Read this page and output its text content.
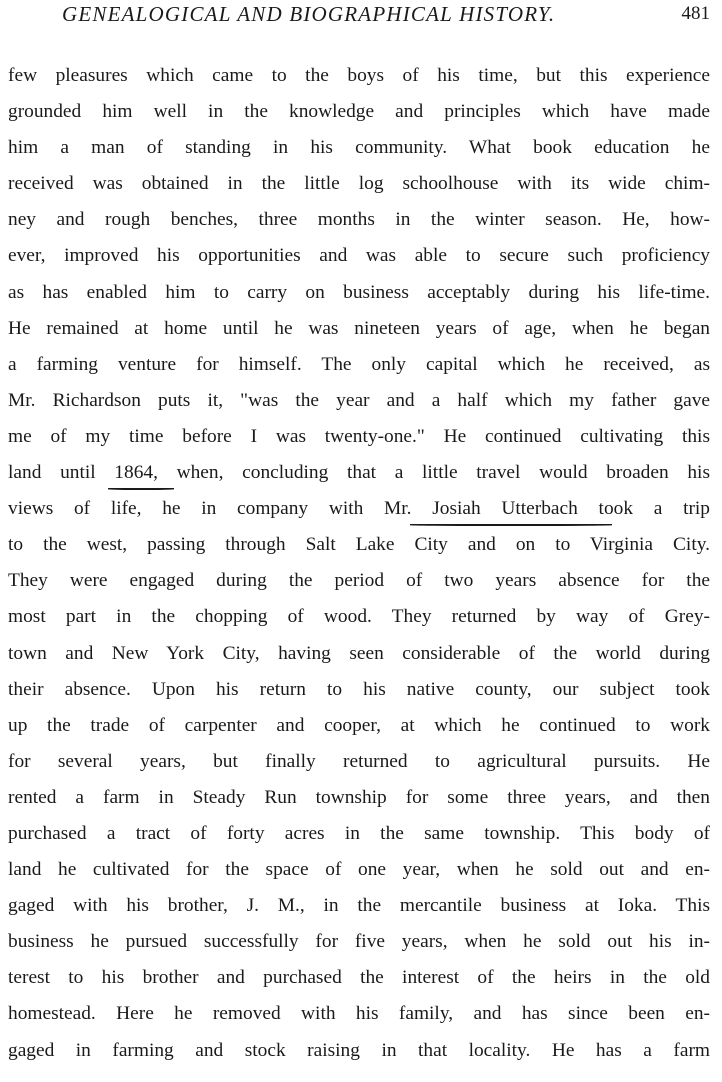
GENEALOGICAL AND BIOGRAPHICAL HISTORY.	481
few pleasures which came to the boys of his time, but this experience
grounded him well in the knowledge and principles which have made
him a man of standing in his community. What book education he
received was obtained in the little log schoolhouse with its wide chim-
ney and rough benches, three months in the winter season. He, how-
ever, improved his opportunities and was able to secure such proficiency
as has enabled him to carry on business acceptably during his life-time.
He remained at home until he was nineteen years of age, when he began
a farming venture for himself. The only capital which he received, as
Mr. Richardson puts it, "was the year and a half which my father gave
me of my time before I was twenty-one." He continued cultivating this
land until 1864, when, concluding that a little travel would broaden his
views of life, he in company with Mr. Josiah Utterbach took a trip
to the west, passing through Salt Lake City and on to Virginia City.
They were engaged during the period of two years absence for the
most part in the chopping of wood. They returned by way of Grey-
town and New York City, having seen considerable of the world during
their absence. Upon his return to his native county, our subject took
up the trade of carpenter and cooper, at which he continued to work
for several years, but finally returned to agricultural pursuits. He
rented a farm in Steady Run township for some three years, and then
purchased a tract of forty acres in the same township. This body of
land he cultivated for the space of one year, when he sold out and en-
gaged with his brother, J. M., in the mercantile business at Ioka. This
business he pursued successfully for five years, when he sold out his in-
terest to his brother and purchased the interest of the heirs in the old
homestead. Here he removed with his family, and has since been en-
gaged in farming and stock raising in that locality. He has a farm
